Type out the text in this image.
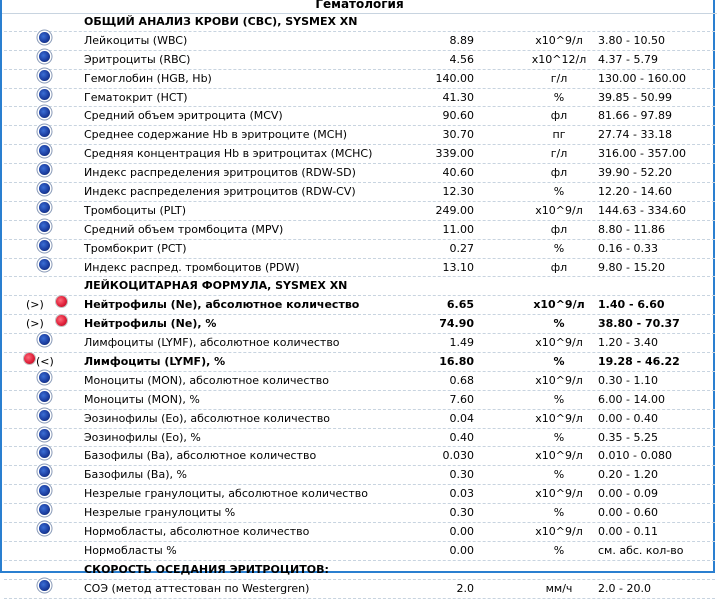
Гематология
ОБЩИЙ АНАЛИЗ КРОВИ (CBC), SYSMEX XN
Лейкоциты (WBC)	8.89	x10^9/л	3.80 - 10.50
Эритроциты (RBC)	4.56	x10^12/л	4.37 - 5.79
Гемоглобин (HGB, Hb)	140.00	г/л	130.00 - 160.00
Гематокрит (HCT)	41.30	%	39.85 - 50.99
Средний объем эритроцита (MCV)	90.60	фл	81.66 - 97.89
Среднее содержание Hb в эритроците (MCH)	30.70	пг	27.74 - 33.18
Средняя концентрация Hb в эритроцитах (MCHC)	339.00	г/л	316.00 - 357.00
Индекс распределения эритроцитов (RDW-SD)	40.60	фл	39.90 - 52.20
Индекс распределения эритроцитов (RDW-CV)	12.30	%	12.20 - 14.60
Тромбоциты (PLT)	249.00	x10^9/л	144.63 - 334.60
Средний объем тромбоцита (MPV)	11.00	фл	8.80 - 11.86
Тромбокрит (PCT)	0.27	%	0.16 - 0.33
Индекс распред. тромбоцитов (PDW)	13.10	фл	9.80 - 15.20
ЛЕЙКОЦИТАРНАЯ ФОРМУЛА, SYSMEX XN
(>)	Нейтрофилы (Ne), абсолютное количество	6.65	x10^9/л	1.40 - 6.60
(>)	Нейтрофилы (Ne), %	74.90	%	38.80 - 70.37
Лимфоциты (LYMF), абсолютное количество	1.49	x10^9/л	1.20 - 3.40
(<)	Лимфоциты (LYMF), %	16.80	%	19.28 - 46.22
Моноциты (MON), абсолютное количество	0.68	x10^9/л	0.30 - 1.10
Моноциты (MON), %	7.60	%	6.00 - 14.00
Эозинофилы (Eo), абсолютное количество	0.04	x10^9/л	0.00 - 0.40
Эозинофилы (Eo), %	0.40	%	0.35 - 5.25
Базофилы (Ba), абсолютное количество	0.030	x10^9/л	0.010 - 0.080
Базофилы (Ba), %	0.30	%	0.20 - 1.20
Незрелые гранулоциты, абсолютное количество	0.03	x10^9/л	0.00 - 0.09
Незрелые гранулоциты %	0.30	%	0.00 - 0.60
Нормобласты, абсолютное количество	0.00	x10^9/л	0.00 - 0.11
Нормобласты %	0.00	%	см. абс. кол-во
СКОРОСТЬ ОСЕДАНИЯ ЭРИТРОЦИТОВ:
СОЭ (метод аттестован по Westergren)	2.0	мм/ч	2.0 - 20.0
